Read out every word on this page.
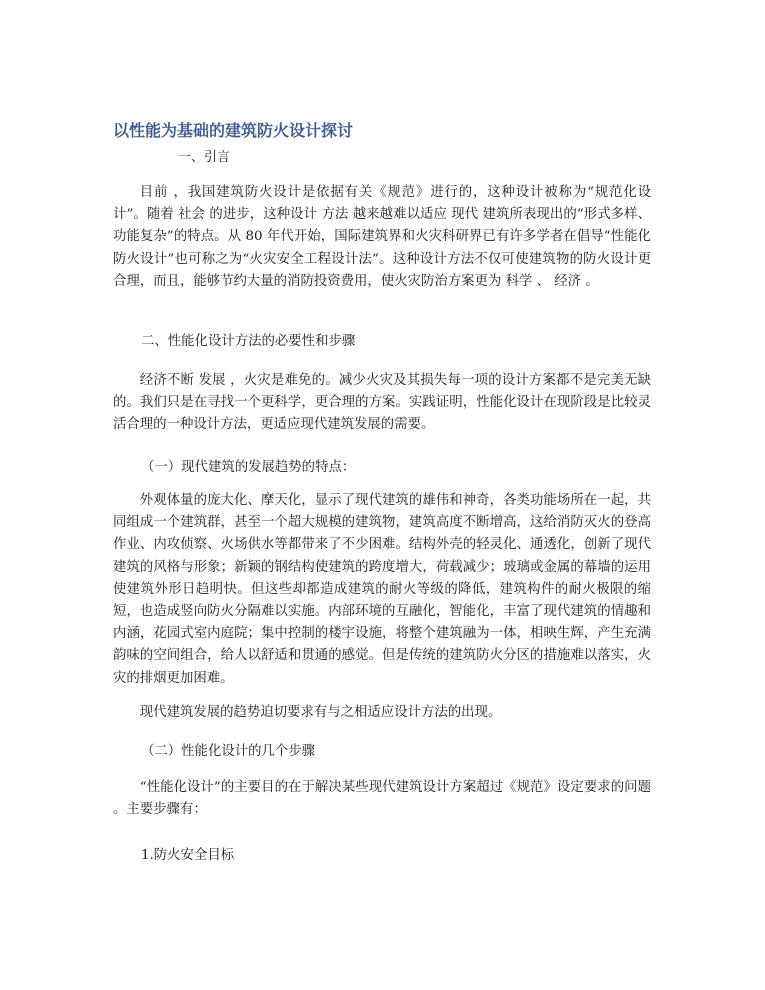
以性能为基础的建筑防火设计探讨
一、引言

目前 ，我国建筑防火设计是依据有关《规范》进行的，这种设计被称为“规范化设计”。随着 社会 的进步，这种设计 方法 越来越难以适应 现代 建筑所表现出的“形式多样、功能复杂”的特点。从 80 年代开始，国际建筑界和火灾科研界已有许多学者在倡导“性能化防火设计”也可称之为“火灾安全工程设计法”。这种设计方法不仅可使建筑物的防火设计更合理，而且，能够节约大量的消防投资费用，使火灾防治方案更为 科学 、 经济 。

二、性能化设计方法的必要性和步骤

经济不断 发展 ，火灾是难免的。减少火灾及其损失每一项的设计方案都不是完美无缺的。我们只是在寻找一个更科学，更合理的方案。实践证明，性能化设计在现阶段是比较灵活合理的一种设计方法，更适应现代建筑发展的需要。

（一）现代建筑的发展趋势的特点：

外观体量的庞大化、摩天化，显示了现代建筑的雄伟和神奇，各类功能场所在一起，共同组成一个建筑群，甚至一个超大规模的建筑物，建筑高度不断增高，这给消防灭火的登高作业、内攻侦察、火场供水等都带来了不少困难。结构外壳的轻灵化、通透化，创新了现代建筑的风格与形象；新颖的钢结构使建筑的跨度增大，荷载减少；玻璃或金属的幕墙的运用使建筑外形日趋明快。但这些却都造成建筑的耐火等级的降低，建筑构件的耐火极限的缩短，也造成竖向防火分隔难以实施。内部环境的互融化，智能化，丰富了现代建筑的情趣和内涵，花园式室内庭院；集中控制的楼宇设施，将整个建筑融为一体，相映生辉，产生充满韵味的空间组合，给人以舒适和贯通的感觉。但是传统的建筑防火分区的措施难以落实，火灾的排烟更加困难。

现代建筑发展的趋势迫切要求有与之相适应设计方法的出现。

（二）性能化设计的几个步骤

“性能化设计”的主要目的在于解决某些现代建筑设计方案超过《规范》设定要求的问题 。主要步骤有：

1.防火安全目标
